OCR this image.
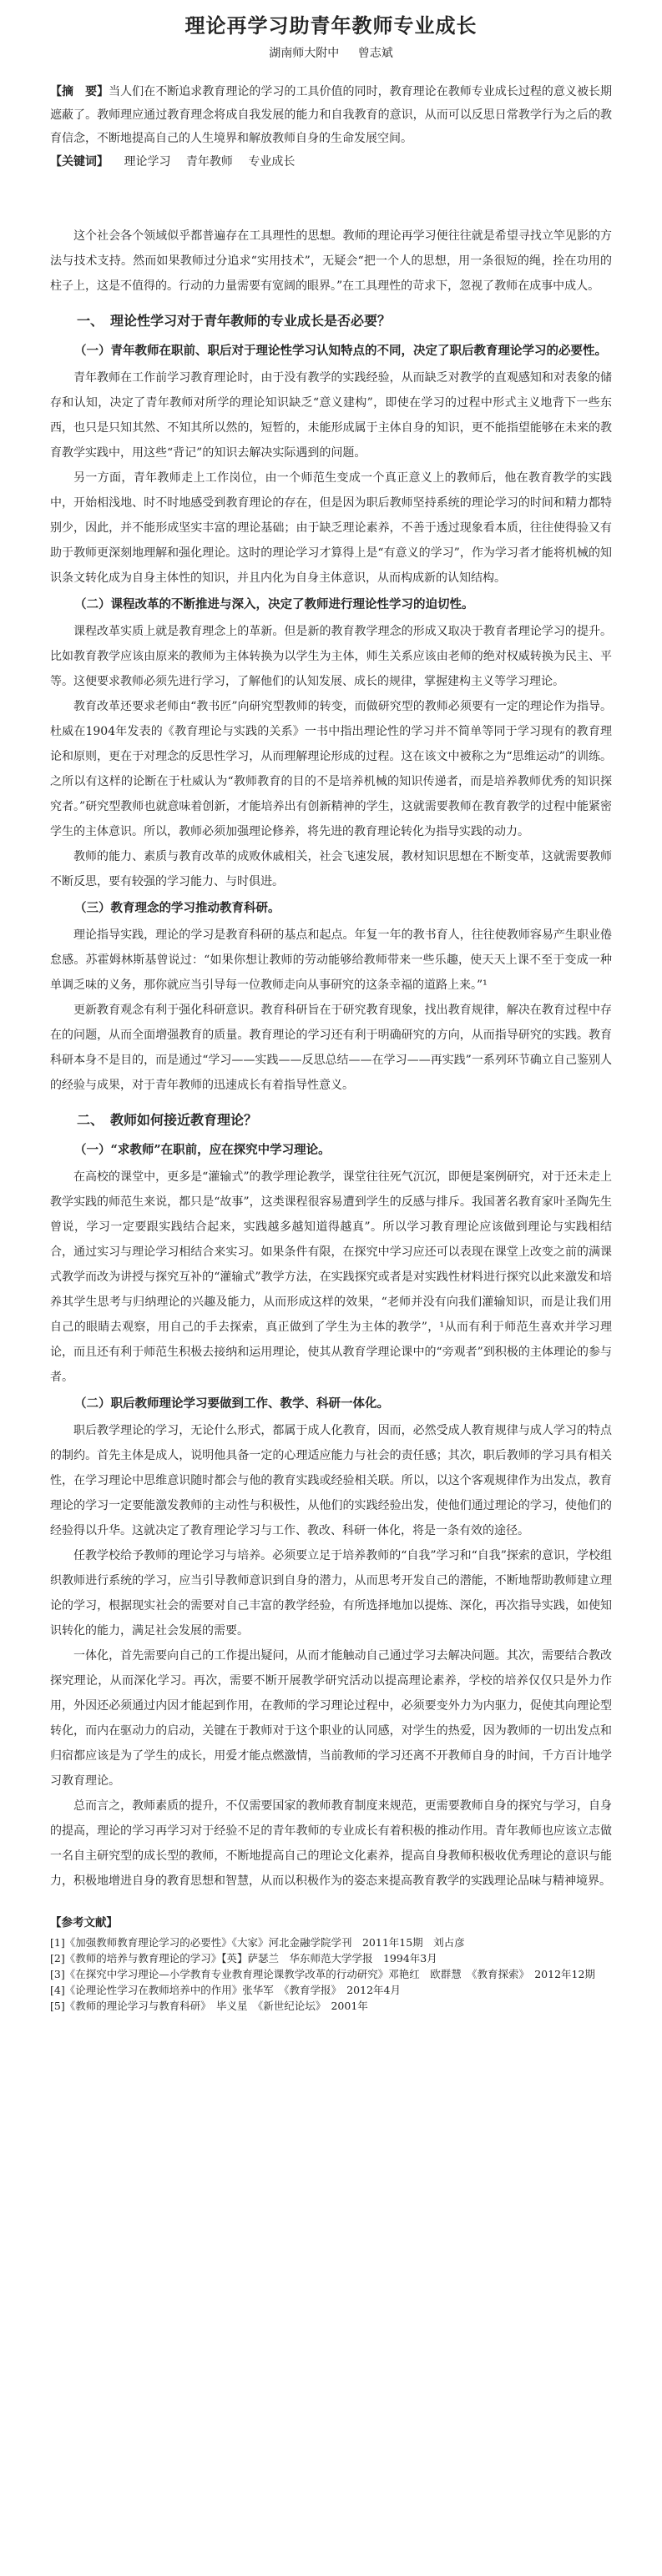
理论再学习助青年教师专业成长
湖南师大附中 曾志斌
【摘　要】当人们在不断追求教育理论的学习的工具价值的同时，教育理论在教师专业成长过程的意义被长期遮蔽了。教师理应通过教育理念将成自我发展的能力和自我教育的意识，从而可以反思日常教学行为之后的教育信念，不断地提高自己的人生境界和解放教师自身的生命发展空间。
【关键词】 理论学习 青年教师 专业成长

这个社会各个领域似乎都普遍存在工具理性的思想。教师的理论再学习便往往就是希望寻找立竿见影的方法与技术支持。然而如果教师过分追求“实用技术”，无疑会“把一个人的思想，用一条很短的绳，拴在功用的柱子上，这是不值得的。行动的力量需要有宽阔的眼界。”在工具理性的苛求下，忽视了教师在成事中成人。

一、　理论性学习对于青年教师的专业成长是否必要？
（一）青年教师在职前、职后对于理论性学习认知特点的不同，决定了职后教育理论学习的必要性。

青年教师在工作前学习教育理论时，由于没有教学的实践经验，从而缺乏对教学的直观感知和对表象的储存和认知，决定了青年教师对所学的理论知识缺乏“意义建构”，即使在学习的过程中形式主义地背下一些东西，也只是只知其然、不知其所以然的，短暂的，未能形成属于主体自身的知识，更不能指望能够在未来的教育教学实践中，用这些“背记”的知识去解决实际遇到的问题。

另一方面，青年教师走上工作岗位，由一个师范生变成一个真正意义上的教师后，他在教育教学的实践中，开始相浅地、时不时地感受到教育理论的存在，但是因为职后教师坚持系统的理论学习的时间和精力都特别少，因此，并不能形成坚实丰富的理论基础；由于缺乏理论素养，不善于透过现象看本质，往往使得验又有助于教师更深刻地理解和强化理论。这时的理论学习才算得上是“有意义的学习”，作为学习者才能将机械的知识条文转化成为自身主体性的知识，并且内化为自身主体意识，从而构成新的认知结构。

（二）课程改革的不断推进与深入，决定了教师进行理论性学习的迫切性。

课程改革实质上就是教育理念上的革新。但是新的教育教学理念的形成又取决于教育者理论学习的提升。比如教育教学应该由原来的教师为主体转换为以学生为主体，师生关系应该由老师的绝对权威转换为民主、平等。这便要求教师必须先进行学习，了解他们的认知发展、成长的规律，掌握建构主义等学习理论。

教育改革还要求老师由“教书匠”向研究型教师的转变，而做研究型的教师必须要有一定的理论作为指导。杜威在1904年发表的《教育理论与实践的关系》一书中指出理论性的学习并不简单等同于学习现有的教育理论和原则，更在于对理念的反思性学习，从而理解理论形成的过程。这在该文中被称之为“思维运动”的训练。之所以有这样的论断在于杜威认为“教师教育的目的不是培养机械的知识传递者，而是培养教师优秀的知识探究者。”研究型教师也就意味着创新，才能培养出有创新精神的学生，这就需要教师在教育教学的过程中能紧密学生的主体意识。所以，教师必须加强理论修养，将先进的教育理论转化为指导实践的动力。

教师的能力、素质与教育改革的成败休戚相关，社会飞速发展，教材知识思想在不断变革，这就需要教师不断反思，要有较强的学习能力、与时俱进。

（三）教育理念的学习推动教育科研。

理论指导实践，理论的学习是教育科研的基点和起点。年复一年的教书育人，往往使教师容易产生职业倦怠感。苏霍姆林斯基曾说过：“如果你想让教师的劳动能够给教师带来一些乐趣，使天天上课不至于变成一种单调乏味的义务，那你就应当引导每一位教师走向从事研究的这条幸福的道路上来。”¹

更新教育观念有利于强化科研意识。教育科研旨在于研究教育现象，找出教育规律，解决在教育过程中存在的问题，从而全面增强教育的质量。教育理论的学习还有利于明确研究的方向，从而指导研究的实践。教育科研本身不是目的，而是通过“学习——实践——反思总结——在学习——再实践”一系列环节确立自己鉴别人的经验与成果，对于青年教师的迅速成长有着指导性意义。

二、　教师如何接近教育理论？
（一）“求教师”在职前，应在探究中学习理论。

在高校的课堂中，更多是“灌输式”的教学理论教学，课堂往往死气沉沉，即便是案例研究，对于还未走上教学实践的师范生来说，都只是“故事”，这类课程很容易遭到学生的反感与排斥。我国著名教育家叶圣陶先生曾说，学习一定要跟实践结合起来，实践越多越知道得越真”。所以学习教育理论应该做到理论与实践相结合，通过实习与理论学习相结合来实习。如果条件有限，在探究中学习应还可以表现在课堂上改变之前的满课式教学而改为讲授与探究互补的“灌输式”教学方法，在实践探究或者是对实践性材料进行探究以此来激发和培养其学生思考与归纳理论的兴趣及能力，从而形成这样的效果，“老师并没有向我们灌输知识，而是让我们用自己的眼睛去观察，用自己的手去探索，真正做到了学生为主体的教学”，¹从而有利于师范生喜欢并学习理论，而且还有利于师范生积极去接纳和运用理论，使其从教育学理论课中的“旁观者”到积极的主体理论的参与者。

（二）职后教师理论学习要做到工作、教学、科研一体化。

职后教学理论的学习，无论什么形式，都属于成人化教育，因而，必然受成人教育规律与成人学习的特点的制约。首先主体是成人，说明他具备一定的心理适应能力与社会的责任感；其次，职后教师的学习具有相关性，在学习理论中思维意识随时都会与他的教育实践或经验相关联。所以，以这个客观规律作为出发点，教育理论的学习一定要能激发教师的主动性与积极性，从他们的实践经验出发，使他们通过理论的学习，使他们的经验得以升华。这就决定了教育理论学习与工作、教改、科研一体化，将是一条有效的途径。

任教学校给予教师的理论学习与培养。必须要立足于培养教师的“自我”学习和“自我”探索的意识，学校组织教师进行系统的学习，应当引导教师意识到自身的潜力，从而思考开发自己的潜能，不断地帮助教师建立理论的学习，根据现实社会的需要对自己丰富的教学经验，有所选择地加以提炼、深化，再次指导实践，如使知识转化的能力，满足社会发展的需要。

一体化，首先需要向自己的工作提出疑问，从而才能触动自己通过学习去解决问题。其次，需要结合教改探究理论，从而深化学习。再次，需要不断开展教学研究活动以提高理论素养，学校的培养仅仅只是外力作用，外因还必须通过内因才能起到作用，在教师的学习理论过程中，必须要变外力为内驱力，促使其向理论型转化，而内在驱动力的启动，关键在于教师对于这个职业的认同感，对学生的热爱，因为教师的一切出发点和归宿都应该是为了学生的成长，用爱才能点燃激情，当前教师的学习还离不开教师自身的时间，千方百计地学习教育理论。

总而言之，教师素质的提升，不仅需要国家的教师教育制度来规范，更需要教师自身的探究与学习，自身的提高，理论的学习再学习对于经验不足的青年教师的专业成长有着积极的推动作用。青年教师也应该立志做一名自主研究型的成长型的教师，不断地提高自己的理论文化素养，提高自身教师积极收优秀理论的意识与能力，积极地增进自身的教育思想和智慧，从而以积极作为的姿态来提高教育教学的实践理论品味与精神境界。

【参考文献】
[1]《加强教师教育理论学习的必要性》《大家》河北金融学院学刊　2011年15期　刘占彦
[2]《教师的培养与教育理论的学习》【英】萨瑟兰　华东师范大学学报　1994年3月
[3]《在探究中学习理论—小学教育专业教育理论课教学改革的行动研究》邓艳红　欧群慧　《教育探索》　2012年12期
[4]《论理论性学习在教师培养中的作用》张华军　《教育学报》　2012年4月
[5]《教师的理论学习与教育科研》　毕义星　《新世纪论坛》　2001年
